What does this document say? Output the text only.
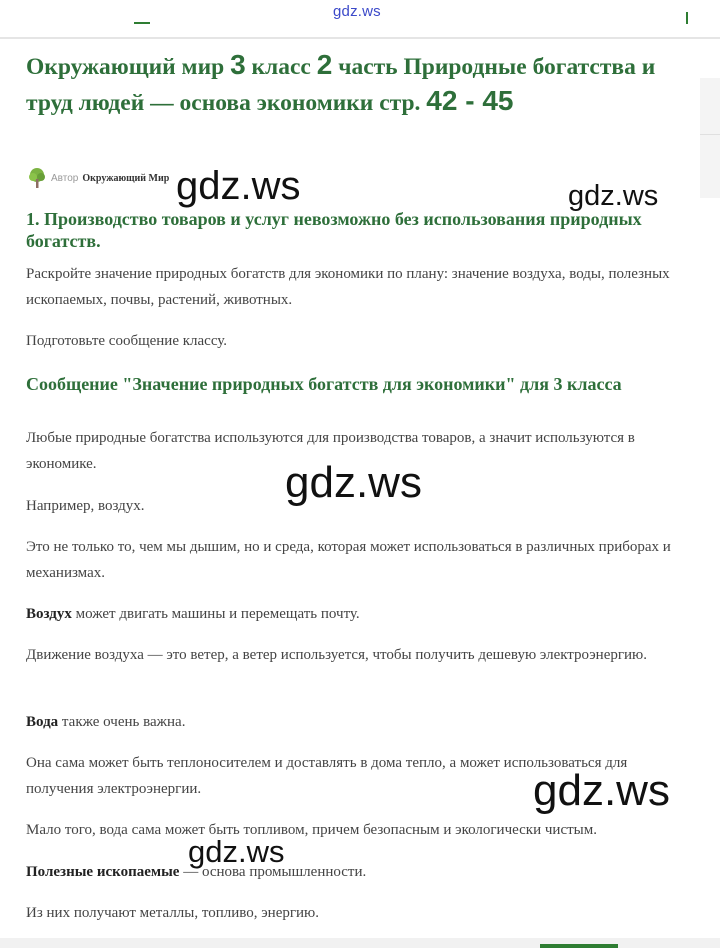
gdz.ws
Окружающий мир 3 класс 2 часть Природные богатства и труд людей — основа экономики стр. 42 - 45
Автор Окружающий Мир
1. Производство товаров и услуг невозможно без использования природных богатств.

Раскройте значение природных богатств для экономики по плану: значение воздуха, воды, полезных ископаемых, почвы, растений, животных.

Подготовьте сообщение классу.

Сообщение "Значение природных богатств для экономики" для 3 класса

Любые природные богатства используются для производства товаров, а значит используются в экономике.

Например, воздух.

Это не только то, чем мы дышим, но и среда, которая может использоваться в различных приборах и механизмах.

Воздух может двигать машины и перемещать почту.

Движение воздуха — это ветер, а ветер используется, чтобы получить дешевую электроэнергию.

Вода также очень важна.

Она сама может быть теплоносителем и доставлять в дома тепло, а может использоваться для получения электроэнергии.

Мало того, вода сама может быть топливом, причем безопасным и экологически чистым.

Полезные ископаемые — основа промышленности.

Из них получают металлы, топливо, энергию.

gdz.ws	gdz.ws
gdz.ws
gdz.ws
gdz.ws
